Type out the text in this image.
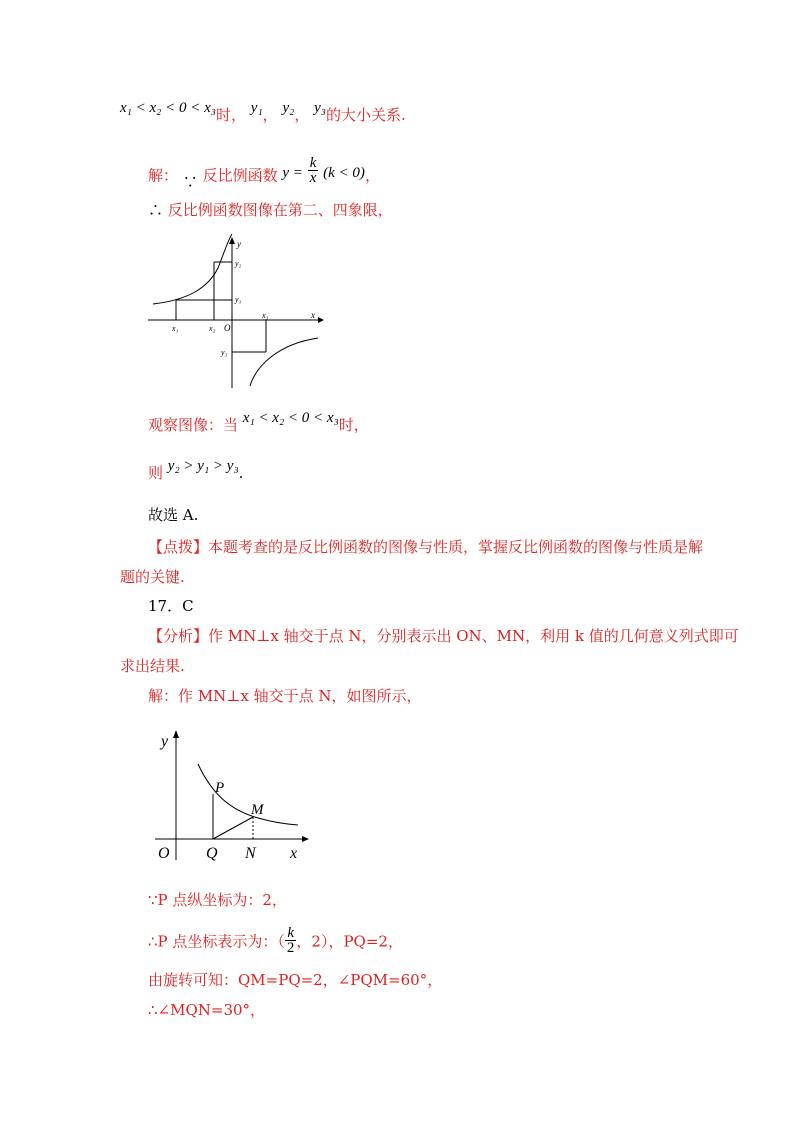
x₁ < x₂ < 0 < x₃时， y₁， y₂， y₃的大小关系.
解： ∵ 反比例函数 $y = \frac{k}{x} (k < 0)$，
∴ 反比例函数图像在第二、四象限，
y
y₂
y₁
x
x₁	x₂ O
x₃
y₃
观察图像：当 x₁ < x₂ < 0 < x₃时，
则 y₂ > y₁ > y₃.
故选 A.
【点拨】本题考查的是反比例函数的图像与性质，掌握反比例函数的图像与性质是解
题的关键.
17．C
【分析】作 MN⊥x 轴交于点 N，分别表示出 ON、MN，利用 k 值的几何意义列式即可
求出结果.
解：作 MN⊥x 轴交于点 N，如图所示，
y
P
M
O Q N x
∵P 点纵坐标为：2，
∴P 点坐标表示为：（ $\frac{k}{2}$ ，2），PQ=2，
由旋转可知：QM=PQ=2，∠PQM=60°，
∴∠MQN=30°，
